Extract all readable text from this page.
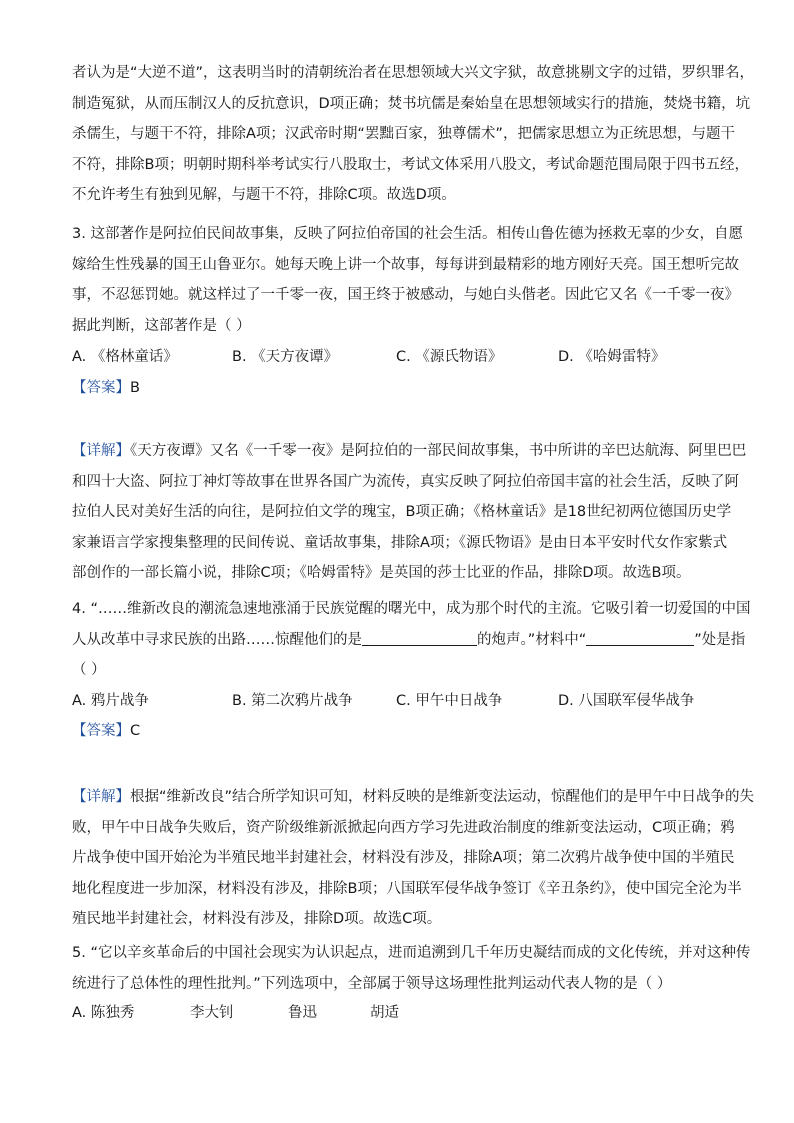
者认为是“大逆不道”，这表明当时的清朝统治者在思想领域大兴文字狱，故意挑剔文字的过错，罗织罪名，
制造冤狱，从而压制汉人的反抗意识，D项正确；焚书坑儒是秦始皇在思想领域实行的措施，焚烧书籍，坑
杀儒生，与题干不符，排除A项；汉武帝时期“罢黜百家，独尊儒术”，把儒家思想立为正统思想，与题干
不符，排除B项；明朝时期科举考试实行八股取士，考试文体采用八股文，考试命题范围局限于四书五经，
不允许考生有独到见解，与题干不符，排除C项。故选D项。
3. 这部著作是阿拉伯民间故事集，反映了阿拉伯帝国的社会生活。相传山鲁佐德为拯救无辜的少女，自愿
嫁给生性残暴的国王山鲁亚尔。她每天晚上讲一个故事，每每讲到最精彩的地方刚好天亮。国王想听完故
事，不忍惩罚她。就这样过了一千零一夜，国王终于被感动，与她白头偕老。因此它又名《一千零一夜》
据此判断，这部著作是（ ）
A. 《格林童话》	B. 《天方夜谭》	C. 《源氏物语》	D. 《哈姆雷特》
【答案】B
【详解】《天方夜谭》又名《一千零一夜》是阿拉伯的一部民间故事集，书中所讲的辛巴达航海、阿里巴巴
和四十大盗、阿拉丁神灯等故事在世界各国广为流传，真实反映了阿拉伯帝国丰富的社会生活，反映了阿
拉伯人民对美好生活的向往，是阿拉伯文学的瑰宝，B项正确；《格林童话》是18世纪初两位德国历史学
家兼语言学家搜集整理的民间传说、童话故事集，排除A项；《源氏物语》是由日本平安时代女作家紫式
部创作的一部长篇小说，排除C项；《哈姆雷特》是英国的莎士比亚的作品，排除D项。故选B项。
4. “……维新改良的潮流急速地涨涌于民族觉醒的曙光中，成为那个时代的主流。它吸引着一切爱国的中国
人从改革中寻求民族的出路……惊醒他们的是	的炮声。”材料中“	”处是指
（ ）
A. 鸦片战争	B. 第二次鸦片战争	C. 甲午中日战争	D. 八国联军侵华战争
【答案】C
【详解】根据“维新改良”结合所学知识可知，材料反映的是维新变法运动，惊醒他们的是甲午中日战争的失
败，甲午中日战争失败后，资产阶级维新派掀起向西方学习先进政治制度的维新变法运动，C项正确；鸦
片战争使中国开始沦为半殖民地半封建社会，材料没有涉及，排除A项；第二次鸦片战争使中国的半殖民
地化程度进一步加深，材料没有涉及，排除B项；八国联军侵华战争签订《辛丑条约》，使中国完全沦为半
殖民地半封建社会，材料没有涉及，排除D项。故选C项。
5. “它以辛亥革命后的中国社会现实为认识起点，进而追溯到几千年历史凝结而成的文化传统，并对这种传
统进行了总体性的理性批判。”下列选项中，全部属于领导这场理性批判运动代表人物的是（ ）
A. 陈独秀	李大钊	鲁迅	胡适
